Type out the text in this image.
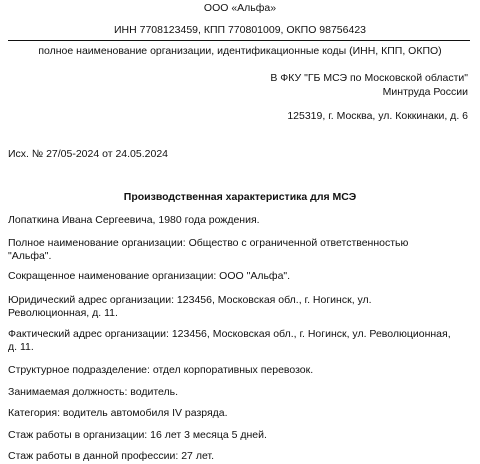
ООО «Альфа»
ИНН 7708123459, КПП 770801009, ОКПО 98756423
полное наименование организации, идентификационные коды (ИНН, КПП, ОКПО)
В ФКУ "ГБ МСЭ по Московской области"
Минтруда России
125319, г. Москва, ул. Коккинаки, д. 6
Исх. № 27/05-2024 от 24.05.2024
Производственная характеристика для МСЭ
Лопаткина Ивана Сергеевича, 1980 года рождения.
Полное наименование организации: Общество с ограниченной ответственностью
"Альфа".
Сокращенное наименование организации: ООО "Альфа".
Юридический адрес организации: 123456, Московская обл., г. Ногинск, ул.
Революционная, д. 11.
Фактический адрес организации: 123456, Московская обл., г. Ногинск, ул. Революционная,
д. 11.
Структурное подразделение: отдел корпоративных перевозок.
Занимаемая должность: водитель.
Категория: водитель автомобиля IV разряда.
Стаж работы в организации: 16 лет 3 месяца 5 дней.
Стаж работы в данной профессии: 27 лет.
